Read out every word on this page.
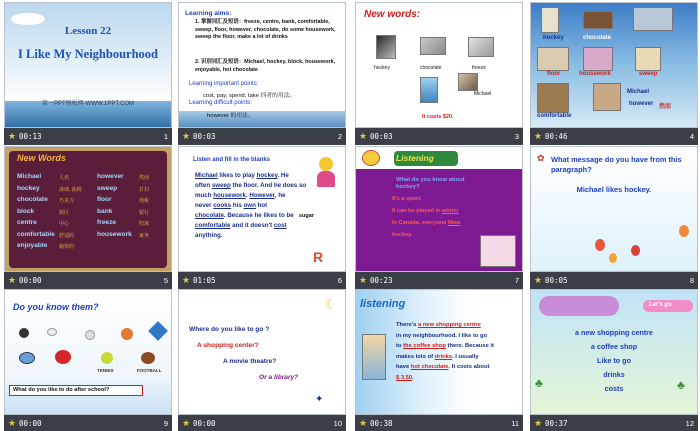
Lesson 22
I Like My Neighbourhood
第一PPT模板网-WWW.1PPT.COM
★ 00:13	1
Learning aims:
1. 掌握词汇及短语：freeze, centre, bank, comfortable, sweep, floor, however, chocolate, do some housework, sweep the floor, make a lot of drinks
2. 识别词汇及短语：Michael, hockey, block, housework, enjoyable, hot chocolate
Learning important points:
cost, pay, spend, take 四者的用法。
Learning difficult points:
however 的用法。
★ 00:03	2
New words:
hockey	chocolate	freeze
Michael
It costs $20.
★ 00:03	3
hockey	chocolate
floor	housework	sweep
comfortable
Michael
however 然而
★ 00:46	4
New Words
Michael	人名	however	然而
hockey	冰球, 曲棍 sweep	打扫
chocolate 巧克力	floor	地板
block	街区	bank	银行
centre	中心	freeze	结冰
comfortable 舒适的	housework 家务
enjoyable 愉快的
★ 00:00	5
Listen and fill in the blanks
Michael likes to play hockey. He
often sweep the floor. And he does so
much housework. However, he
never cooks his own hot
chocolate. Because he likes to be
comfortable and it doesn't cost
anything.
sugar
R
★ 01:05	6
Listening
What do you know about hockey?
It's a sport.
It can be played in winter
In Canada, everyone likes
hockey.
★ 00:23	7
✿ What message do you have from this paragraph?
Michael likes hockey.
★ 00:05	8
Do you know them?
TENNIS	FOOTBALL
What do you like to do after school?
★ 00:00	9
☾
Where do you like to go ?
A shopping center?
A movie theatre?
Or a library?
✦
★ 00:00	10
listening
There's a new shopping centre
in my neighbourhood. I like to go
to the coffee shop there. Because it
makes lots of drinks. I usually
have hot chocolate. It costs about
$ 3.50.
★ 00:38	11
Let's go
a new shopping centre
a coffee shop
Like to go
drinks
costs
♣	♣
★ 00:37	12
